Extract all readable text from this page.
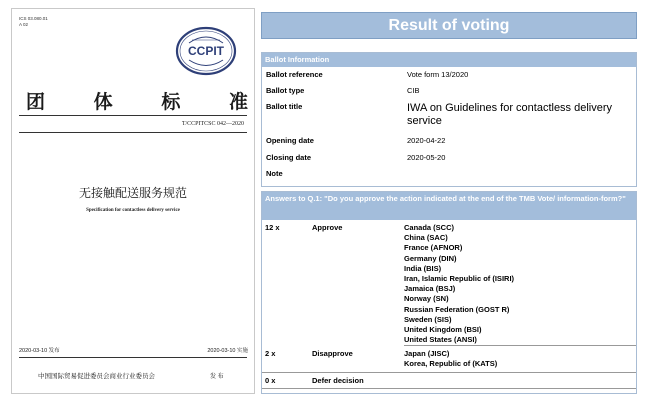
ICS 03.080.01
A 02
CCPIT
团	体	标	准
T/CCPITCSC 042—2020
无接触配送服务规范
Specification for contactless delivery service
2020-03-10 发布	2020-03-10 实施
中国国际贸易促进委员会商业行业委员会	发 布
Result of voting
Ballot Information
Ballot reference	Vote form 13/2020
Ballot type	CIB
Ballot title	IWA on Guidelines for contactless delivery service
Opening date	2020-04-22
Closing date	2020-05-20
Note
Answers to Q.1: "Do you approve the action indicated at the end of the TMB Vote/ information-form?"
12 x	Approve	Canada (SCC)
China (SAC)
France (AFNOR)
Germany (DIN)
India (BIS)
Iran, Islamic Republic of (ISIRI)
Jamaica (BSJ)
Norway (SN)
Russian Federation (GOST R)
Sweden (SIS)
United Kingdom (BSI)
United States (ANSI)
2 x	Disapprove	Japan (JISC)
Korea, Republic of (KATS)
0 x	Defer decision
